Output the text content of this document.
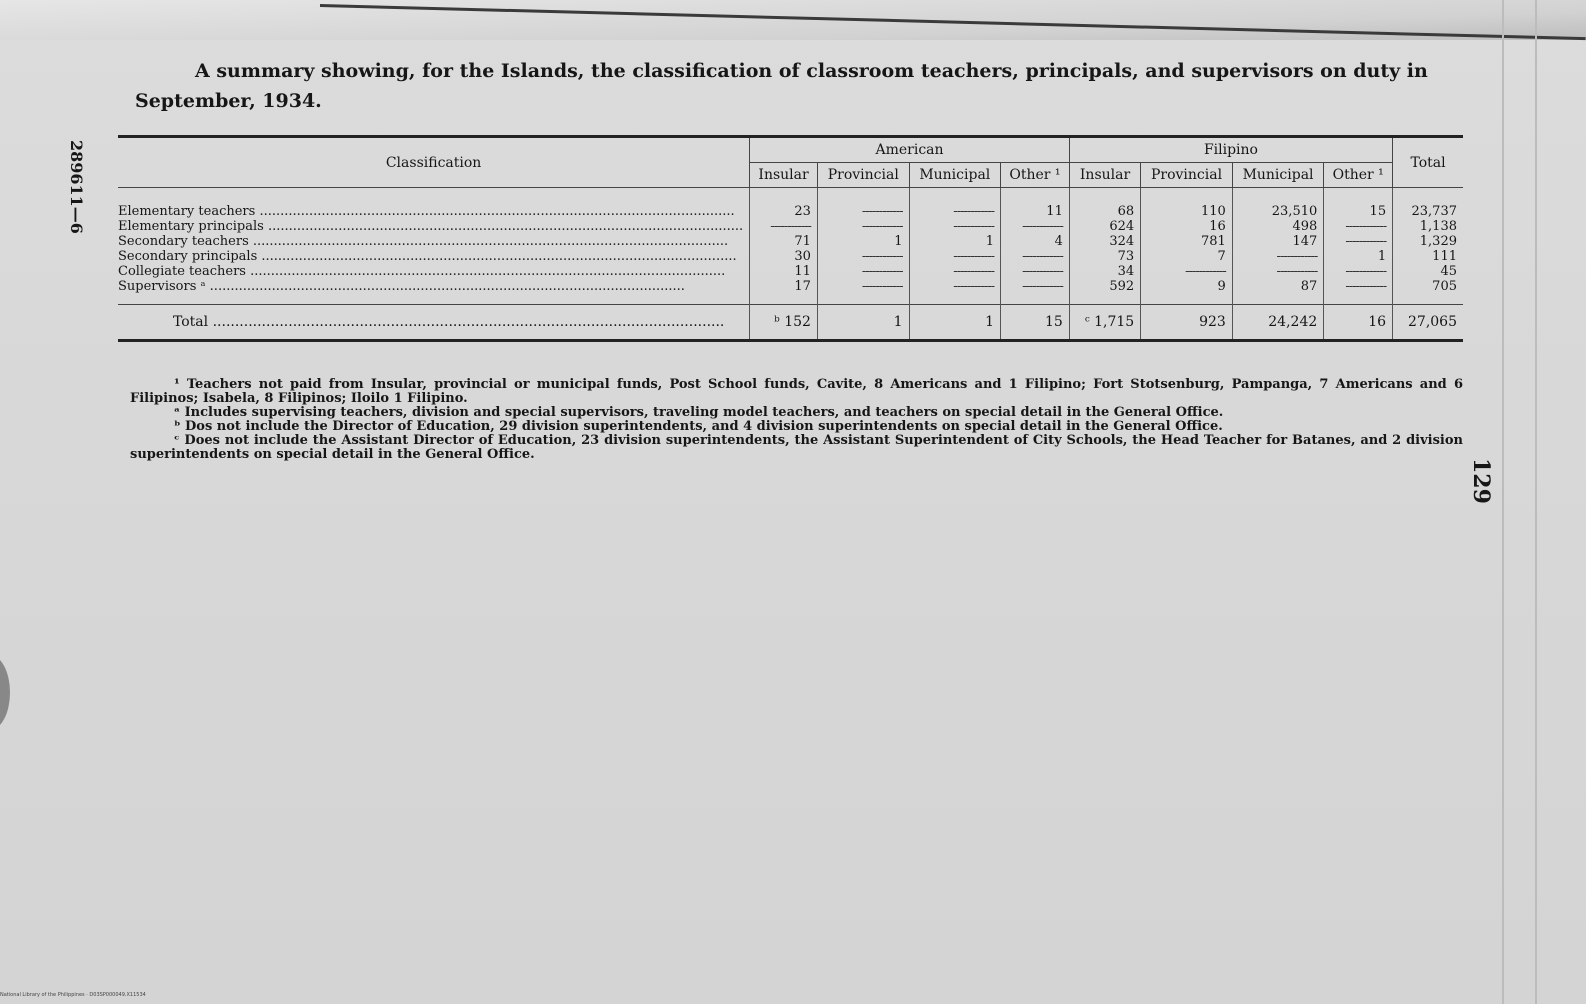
A summary showing, for the Islands, the classification of classroom teachers, principals, and supervisors on duty in September, 1934.
289611—6
129
Classification	American				Filipino				Total
	Insular	Provincial	Municipal	Other ¹	Insular	Provincial	Municipal	Other ¹	
Elementary teachers .....	23	-----	-----	11	68	110	23,510	15	23,737
Elementary principals .....	-----	-----	-----	-----	624	16	498	-----	1,138
Secondary teachers .....	71	1	1	4	324	781	147	-----	1,329
Secondary principals .....	30	-----	-----	-----	73	7	-----	1	111
Collegiate teachers .....	11	-----	-----	-----	34	-----	-----	-----	45
Supervisors ᵃ .....	17	-----	-----	-----	592	9	87	-----	705
Total .....	ᵇ 152	1	1	15	ᶜ 1,715	923	24,242	16	27,065

¹ Teachers not paid from Insular, provincial or municipal funds, Post School funds, Cavite, 8 Americans and 1 Filipino; Fort Stotsenburg, Pampanga, 7 Americans and 6 Filipinos; Isabela, 8 Filipinos; Iloilo 1 Filipino.

ᵃ Includes supervising teachers, division and special supervisors, traveling model teachers, and teachers on special detail in the General Office.

ᵇ Dos not include the Director of Education, 29 division superintendents, and 4 division superintendents on special detail in the General Office.

ᶜ Does not include the Assistant Director of Education, 23 division superintendents, the Assistant Superintendent of City Schools, the Head Teacher for Batanes, and 2 division superintendents on special detail in the General Office.

National Library of the Philippines · D03SP000049.X11534
